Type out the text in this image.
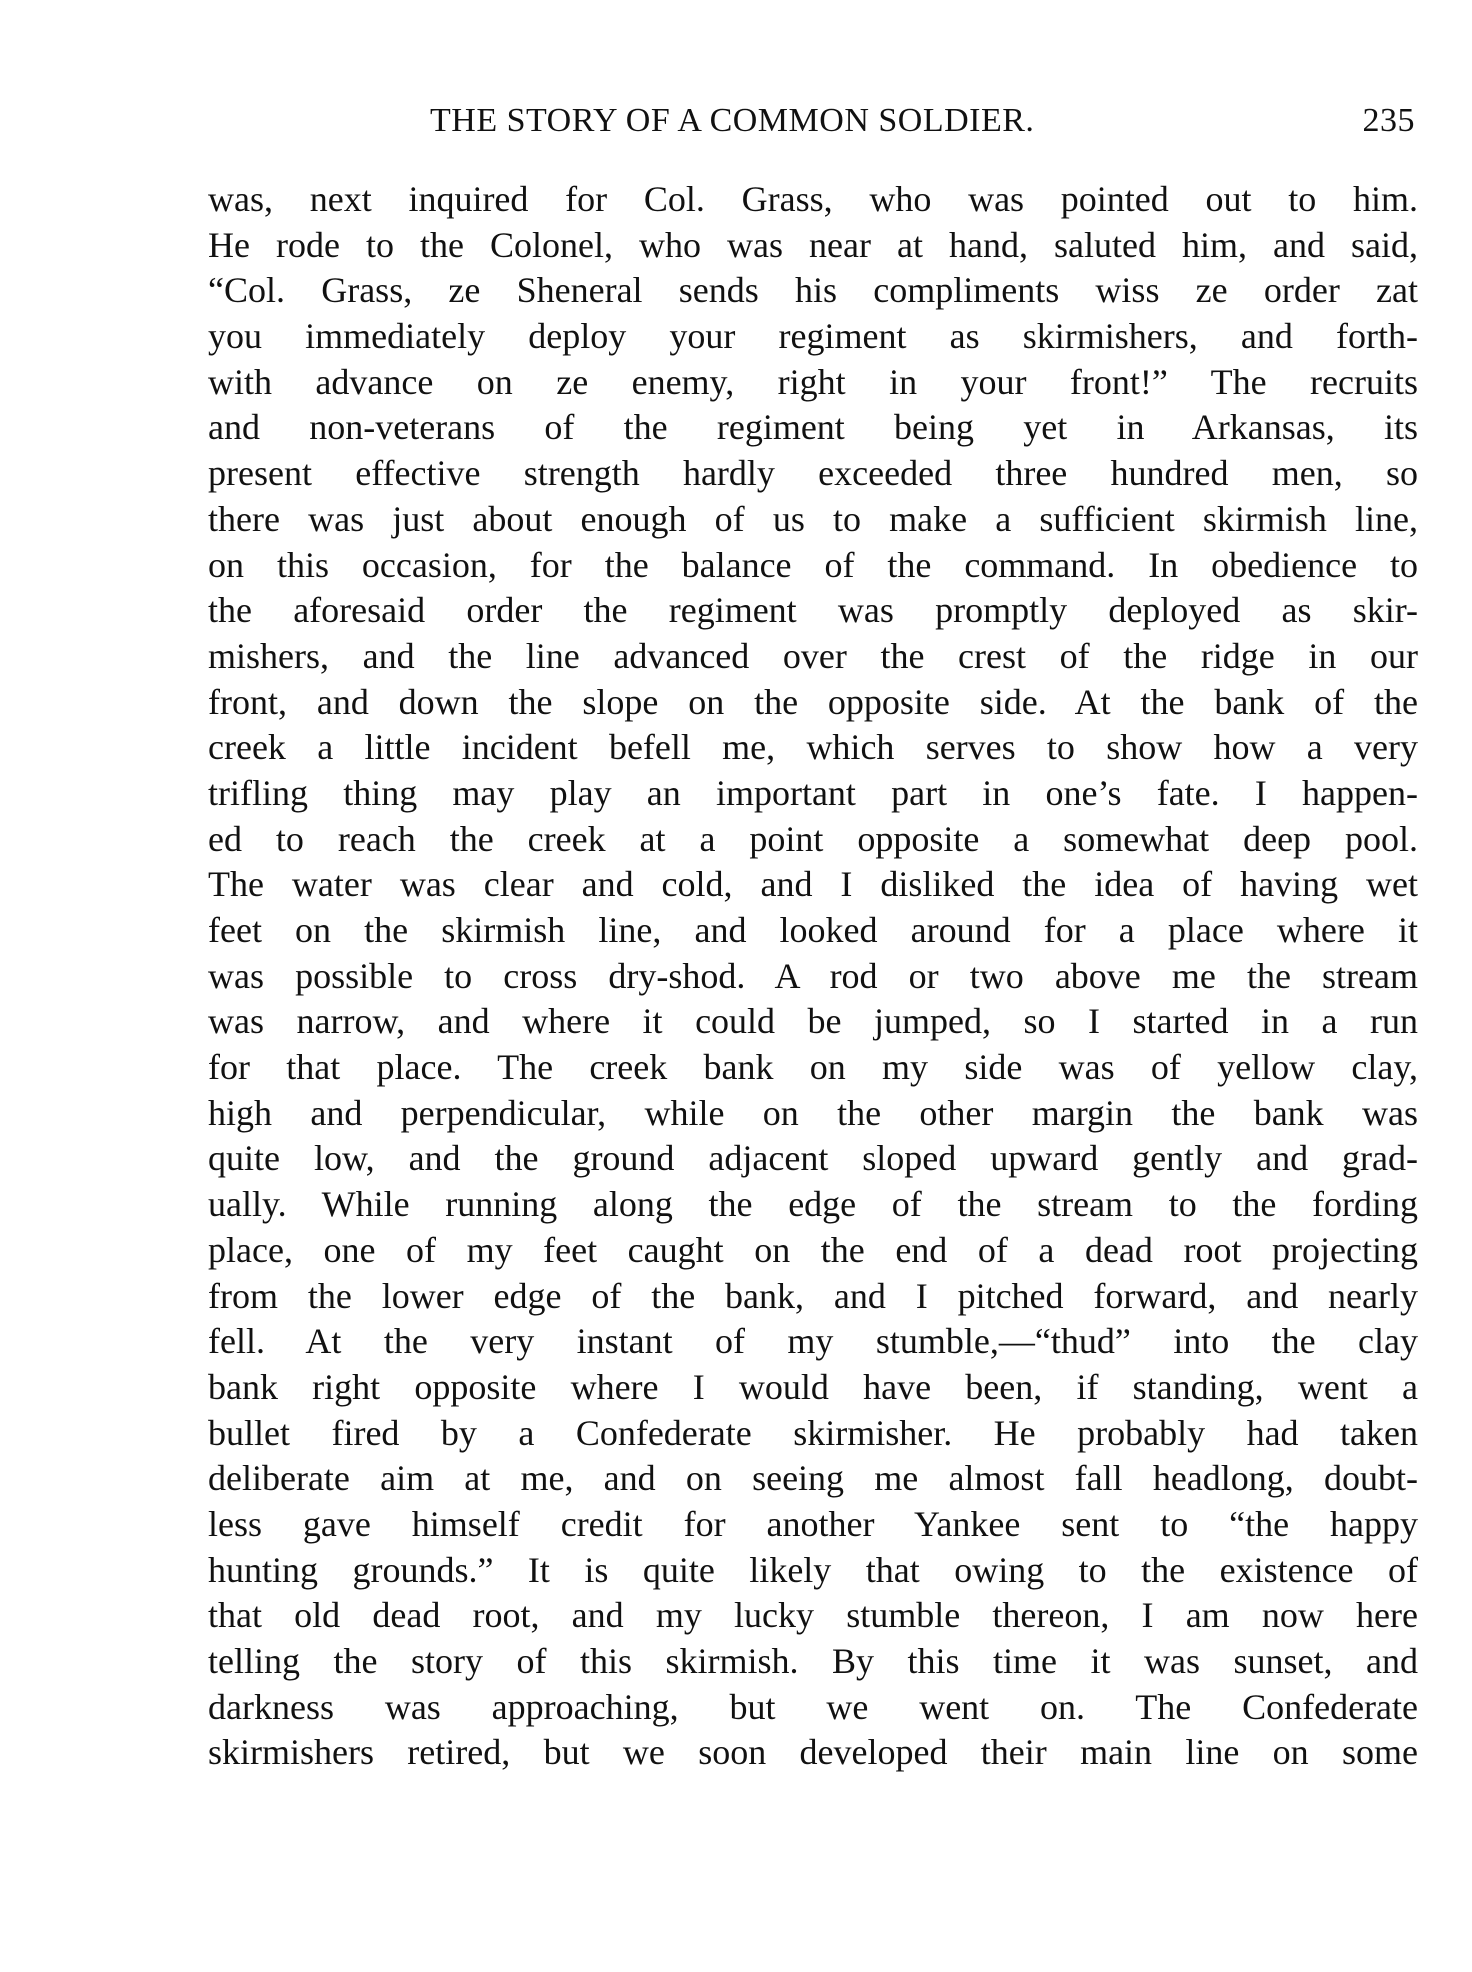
THE STORY OF A COMMON SOLDIER.	235
was, next inquired for Col. Grass, who was pointed out to him.
He rode to the Colonel, who was near at hand, saluted him, and said,
“Col. Grass, ze Sheneral sends his compliments wiss ze order zat
you immediately deploy your regiment as skirmishers, and forth-
with advance on ze enemy, right in your front!” The recruits
and non-veterans of the regiment being yet in Arkansas, its
present effective strength hardly exceeded three hundred men, so
there was just about enough of us to make a sufficient skirmish line,
on this occasion, for the balance of the command. In obedience to
the aforesaid order the regiment was promptly deployed as skir-
mishers, and the line advanced over the crest of the ridge in our
front, and down the slope on the opposite side. At the bank of the
creek a little incident befell me, which serves to show how a very
trifling thing may play an important part in one’s fate. I happen-
ed to reach the creek at a point opposite a somewhat deep pool.
The water was clear and cold, and I disliked the idea of having wet
feet on the skirmish line, and looked around for a place where it
was possible to cross dry-shod. A rod or two above me the stream
was narrow, and where it could be jumped, so I started in a run
for that place. The creek bank on my side was of yellow clay,
high and perpendicular, while on the other margin the bank was
quite low, and the ground adjacent sloped upward gently and grad-
ually. While running along the edge of the stream to the fording
place, one of my feet caught on the end of a dead root projecting
from the lower edge of the bank, and I pitched forward, and nearly
fell. At the very instant of my stumble,—“thud” into the clay
bank right opposite where I would have been, if standing, went a
bullet fired by a Confederate skirmisher. He probably had taken
deliberate aim at me, and on seeing me almost fall headlong, doubt-
less gave himself credit for another Yankee sent to “the happy
hunting grounds.” It is quite likely that owing to the existence of
that old dead root, and my lucky stumble thereon, I am now here
telling the story of this skirmish. By this time it was sunset, and
darkness was approaching, but we went on. The Confederate
skirmishers retired, but we soon developed their main line on some
